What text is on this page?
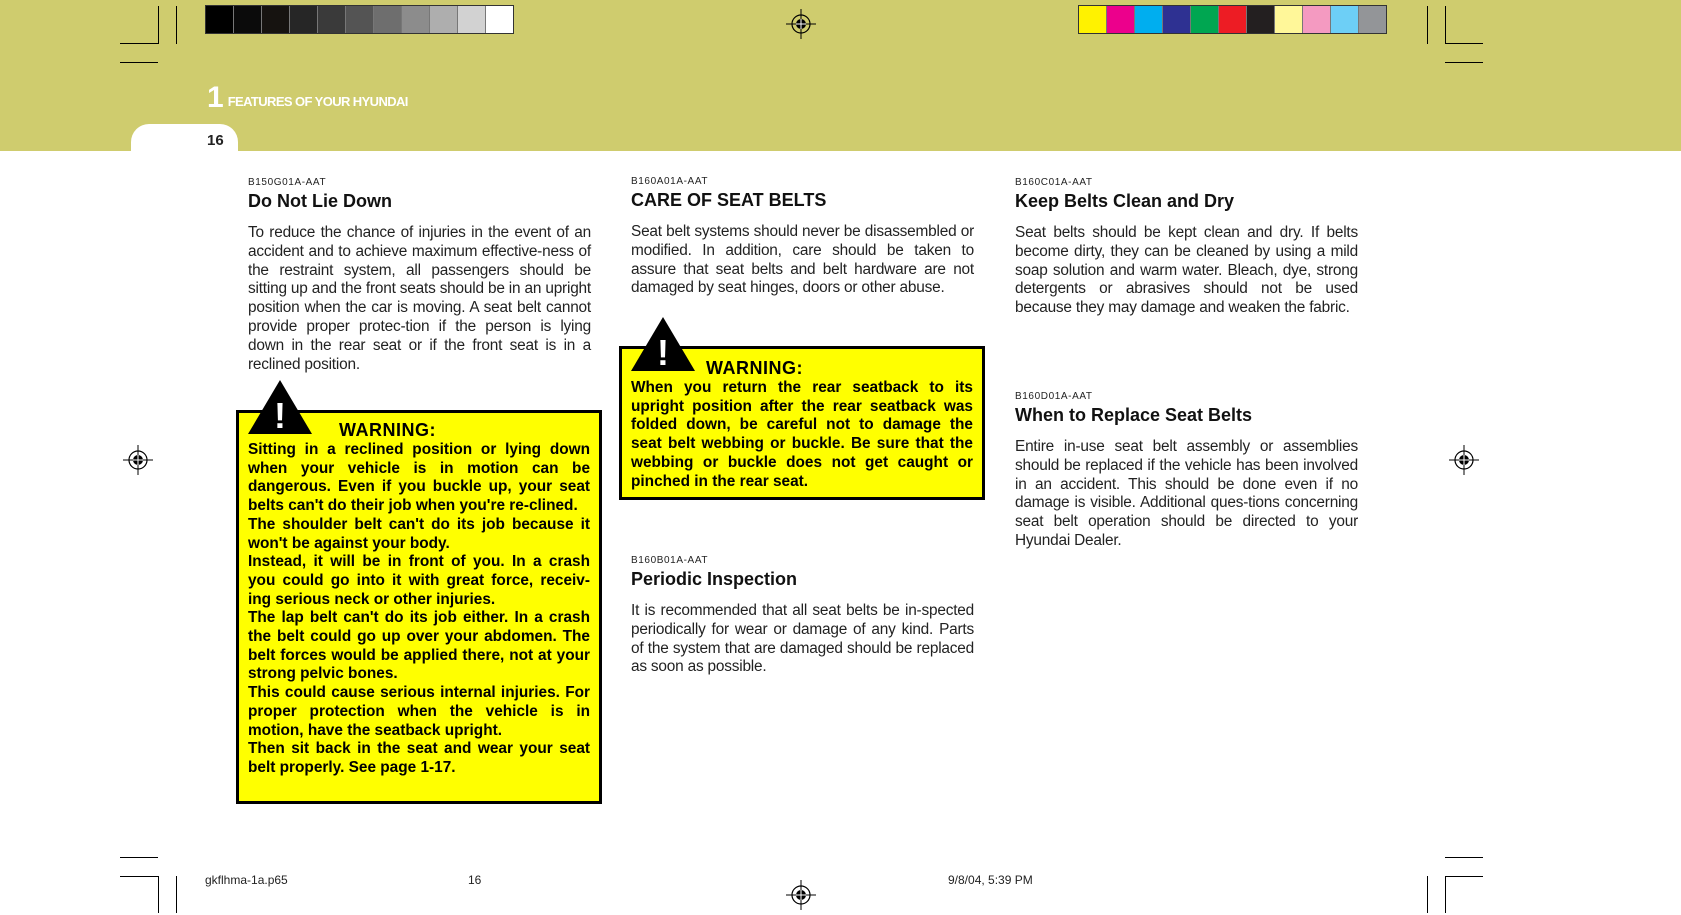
16
1 FEATURES OF YOUR HYUNDAI
B150G01A-AAT
Do Not Lie Down
To reduce the chance of injuries in the event of an accident and to achieve maximum effective-ness of the restraint system, all passengers should be sitting up and the front seats should be in an upright position when the car is moving. A seat belt cannot provide proper protec-tion if the person is lying down in the rear seat or if the front seat is in a reclined position.
WARNING:
Sitting in a reclined position or lying down when your vehicle is in motion can be dangerous. Even if you buckle up, your seat belts can't do their job when you're re-clined.
The shoulder belt can't do its job because it won't be against your body.
Instead, it will be in front of you. In a crash you could go into it with great force, receiv-ing serious neck or other injuries.
The lap belt can't do its job either. In a crash the belt could go up over your abdomen. The belt forces would be applied there, not at your strong pelvic bones.
This could cause serious internal injuries. For proper protection when the vehicle is in motion, have the seatback upright.
Then sit back in the seat and wear your seat belt properly. See page 1-17.
!
B160A01A-AAT
CARE OF SEAT BELTS
Seat belt systems should never be disassembled or modified. In addition, care should be taken to assure that seat belts and belt hardware are not damaged by seat hinges, doors or other abuse.
WARNING:
When you return the rear seatback to its upright position after the rear seatback was folded down, be careful not to damage the seat belt webbing or buckle. Be sure that the webbing or buckle does not get caught or pinched in the rear seat.
!
B160B01A-AAT
Periodic Inspection
It is recommended that all seat belts be in-spected periodically for wear or damage of any kind. Parts of the system that are damaged should be replaced as soon as possible.
B160C01A-AAT
Keep Belts Clean and Dry
Seat belts should be kept clean and dry. If belts become dirty, they can be cleaned by using a mild soap solution and warm water. Bleach, dye, strong detergents or abrasives should not be used because they may damage and weaken the fabric.
B160D01A-AAT
When to Replace Seat Belts
Entire in-use seat belt assembly or assemblies should be replaced if the vehicle has been involved in an accident. This should be done even if no damage is visible. Additional ques-tions concerning seat belt operation should be directed to your Hyundai Dealer.
gkflhma-1a.p65	16	9/8/04, 5:39 PM
